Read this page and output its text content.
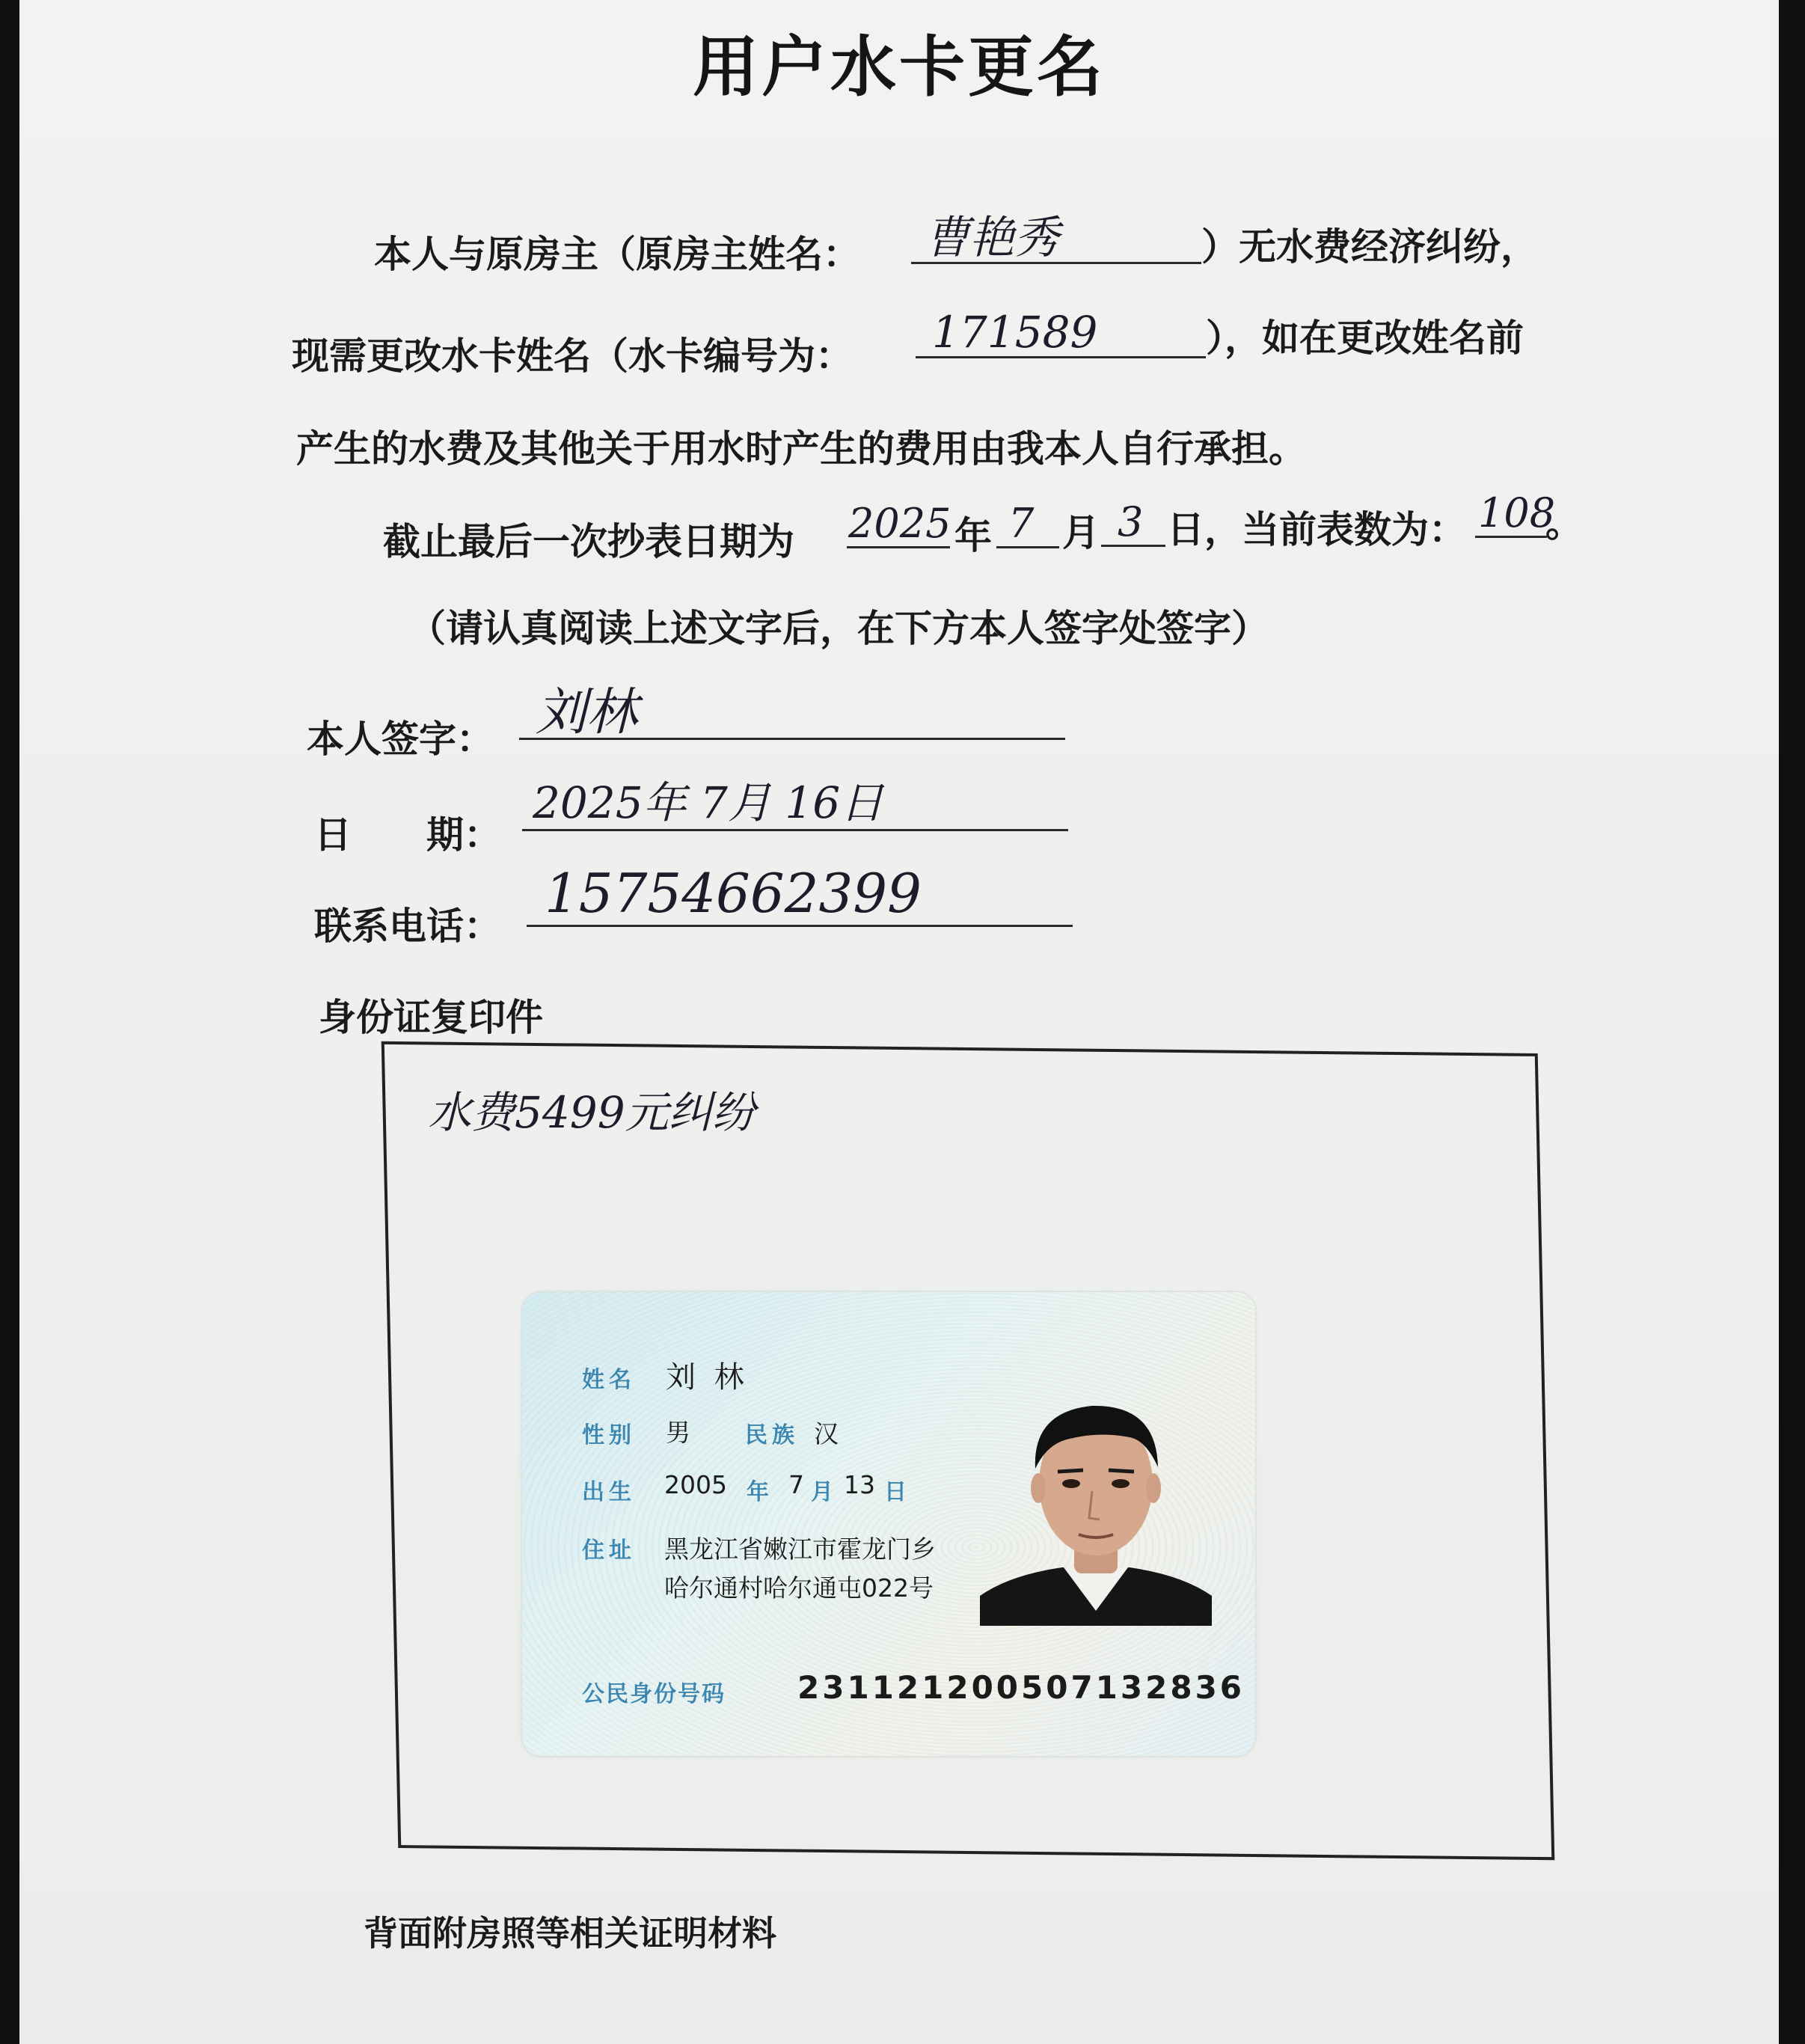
用户水卡更名
本人与原房主（原房主姓名： 曹艳秀	）无水费经济纠纷，
现需更改水卡姓名（水卡编号为： 171589	），如在更改姓名前
产生的水费及其他关于用水时产生的费用由我本人自行承担。
截止最后一次抄表日期为 2025 年 7 月 3 日，当前表数为： 108
。
（请认真阅读上述文字后，在下方本人签字处签字）
本人签字： 刘林
日　　期：
2025年 7月 16日
联系电话：
15754662399
身份证复印件
水费5499元纠纷
姓名 刘 林
性别 男 民族 汉
出生 2005 年 7 月 13 日
住址 黑龙江省嫩江市霍龙门乡
哈尔通村哈尔通屯022号
公民身份号码 231121200507132836
背面附房照等相关证明材料
